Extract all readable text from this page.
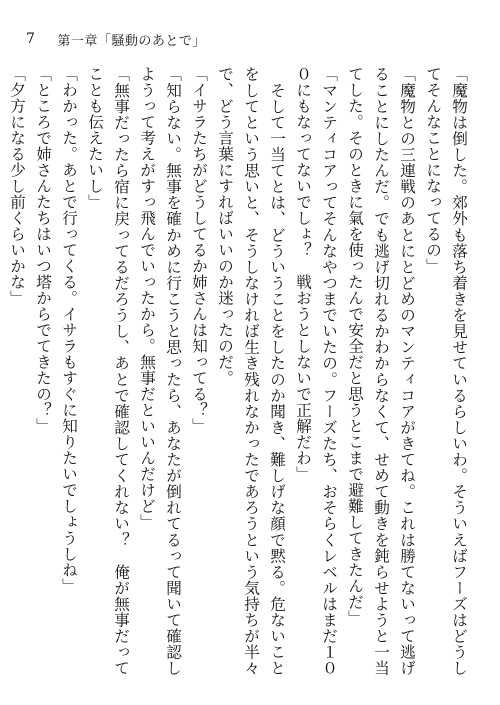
7 第一章「騒動のあとで」

「魔物は倒した。郊外も落ち着きを見せているらしいわ。そういえばフーズはどうしてそんなことになってるの」

「魔物との三連戦のあとにとどめのマンティコアがきてね。これは勝てないって逃げることにしたんだ。でも逃げ切れるかわからなくて、せめて動きを鈍らせようと一当てした。そのときに氣を使ったんで安全だと思うとこまで避難してきたんだ」

「マンティコアってそんなやつまでいたの。フーズたち、おそらくレベルはまだ１００にもなってないでしょ？　戦おうとしないで正解だわ」

　そして一当てとは、どういうことをしたのか聞き、難しげな顔で黙る。危ないことをしてという思いと、そうしなければ生き残れなかったであろうという気持ちが半々で、どう言葉にすればいいのか迷ったのだ。

「イサラたちがどうしてるか姉さんは知ってる？」

「知らない。無事を確かめに行こうと思ったら、あなたが倒れてるって聞いて確認しようって考えがすっ飛んでいったから。無事だといいんだけど」

「無事だったら宿に戻ってるだろうし、あとで確認してくれない？　俺が無事だってことも伝えたいし」

「わかった。あとで行ってくる。イサラもすぐに知りたいでしょうしね」

「ところで姉さんたちはいつ塔からでてきたの？」

「夕方になる少し前くらいかな」
